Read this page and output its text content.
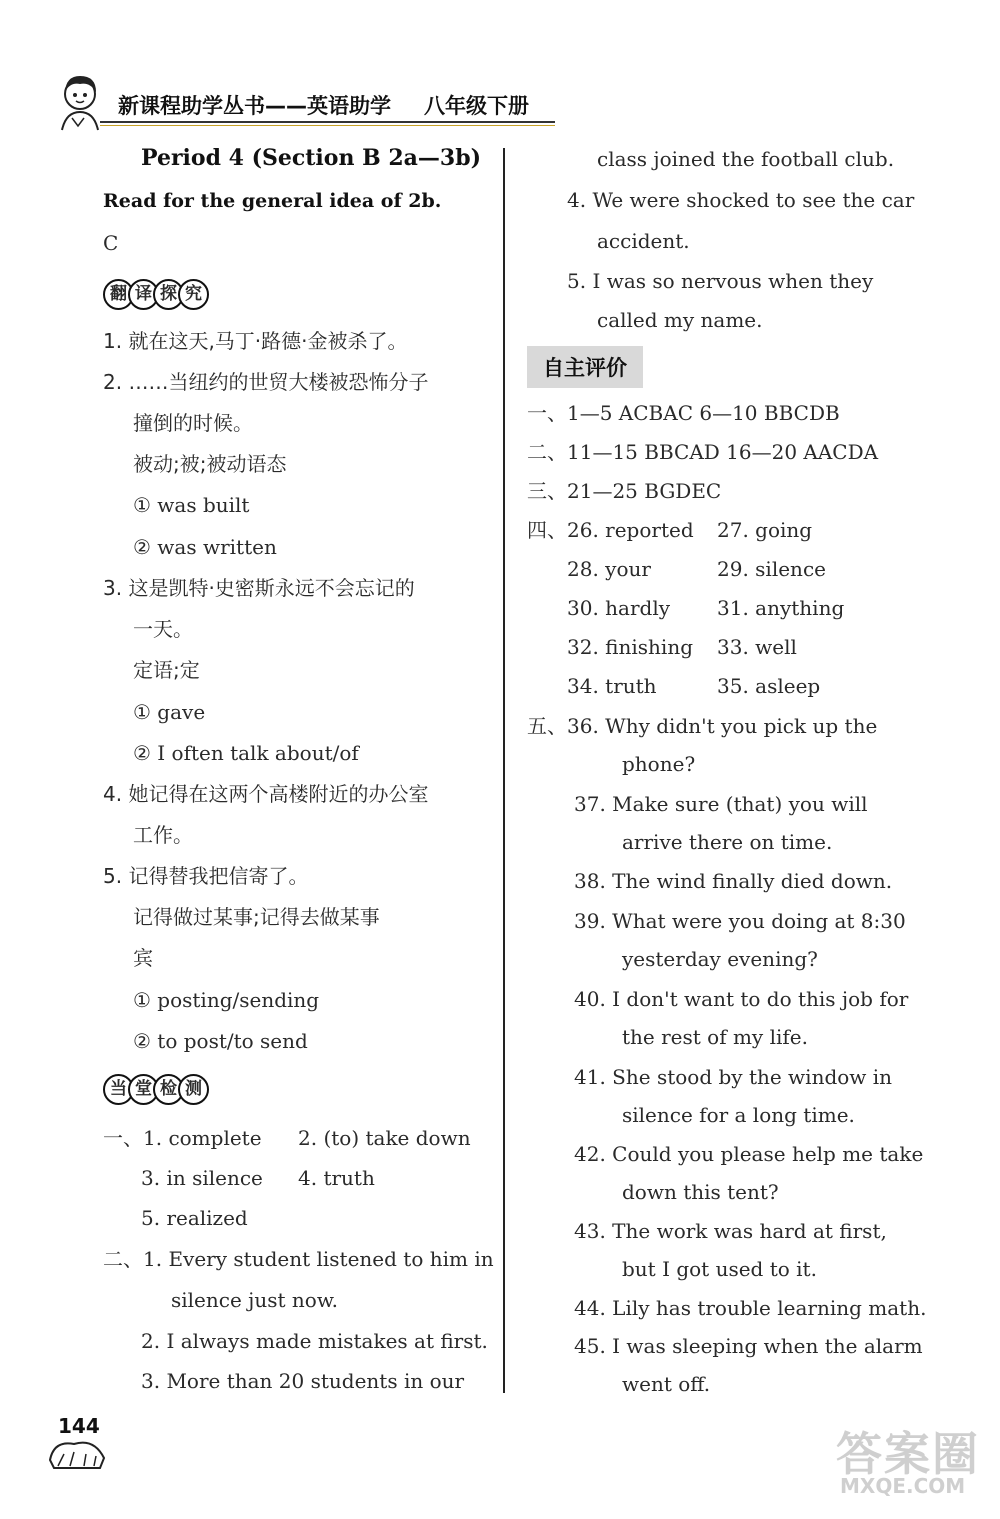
新课程助学丛书——英语助学 八年级下册
Period 4 (Section B 2a—3b)
Read for the general idea of 2b.
C
翻 译 探 究
1. 就在这天,马丁·路德·金被杀了。
2. ……当纽约的世贸大楼被恐怖分子
撞倒的时候。
被动;被;被动语态
① was built
② was written
3. 这是凯特·史密斯永远不会忘记的
一天。
定语;定
① gave
② I often talk about/of
4. 她记得在这两个高楼附近的办公室
工作。
5. 记得替我把信寄了。
记得做过某事;记得去做某事
宾
① posting/sending
② to post/to send
当 堂 检 测
一、1. complete 2. (to) take down
3. in silence 4. truth
5. realized
二、1. Every student listened to him in
silence just now.
2. I always made mistakes at first.
3. More than 20 students in our
class joined the football club.
4. We were shocked to see the car
accident.
5. I was so nervous when they
called my name.
自主评价
一、1—5 ACBAC 6—10 BBCDB
二、11—15 BBCAD 16—20 AACDA
三、21—25 BGDEC
四、26. reported 27. going
28. your	29. silence
30. hardly 31. anything
32. finishing 33. well
34. truth	35. asleep
五、36. Why didn't you pick up the
phone?
37. Make sure (that) you will
arrive there on time.
38. The wind finally died down.
39. What were you doing at 8:30
yesterday evening?
40. I don't want to do this job for
the rest of my life.
41. She stood by the window in
silence for a long time.
42. Could you please help me take
down this tent?
43. The work was hard at first,
but I got used to it.
44. Lily has trouble learning math.
45. I was sleeping when the alarm
went off.
144
答案圈
MXQE.COM
